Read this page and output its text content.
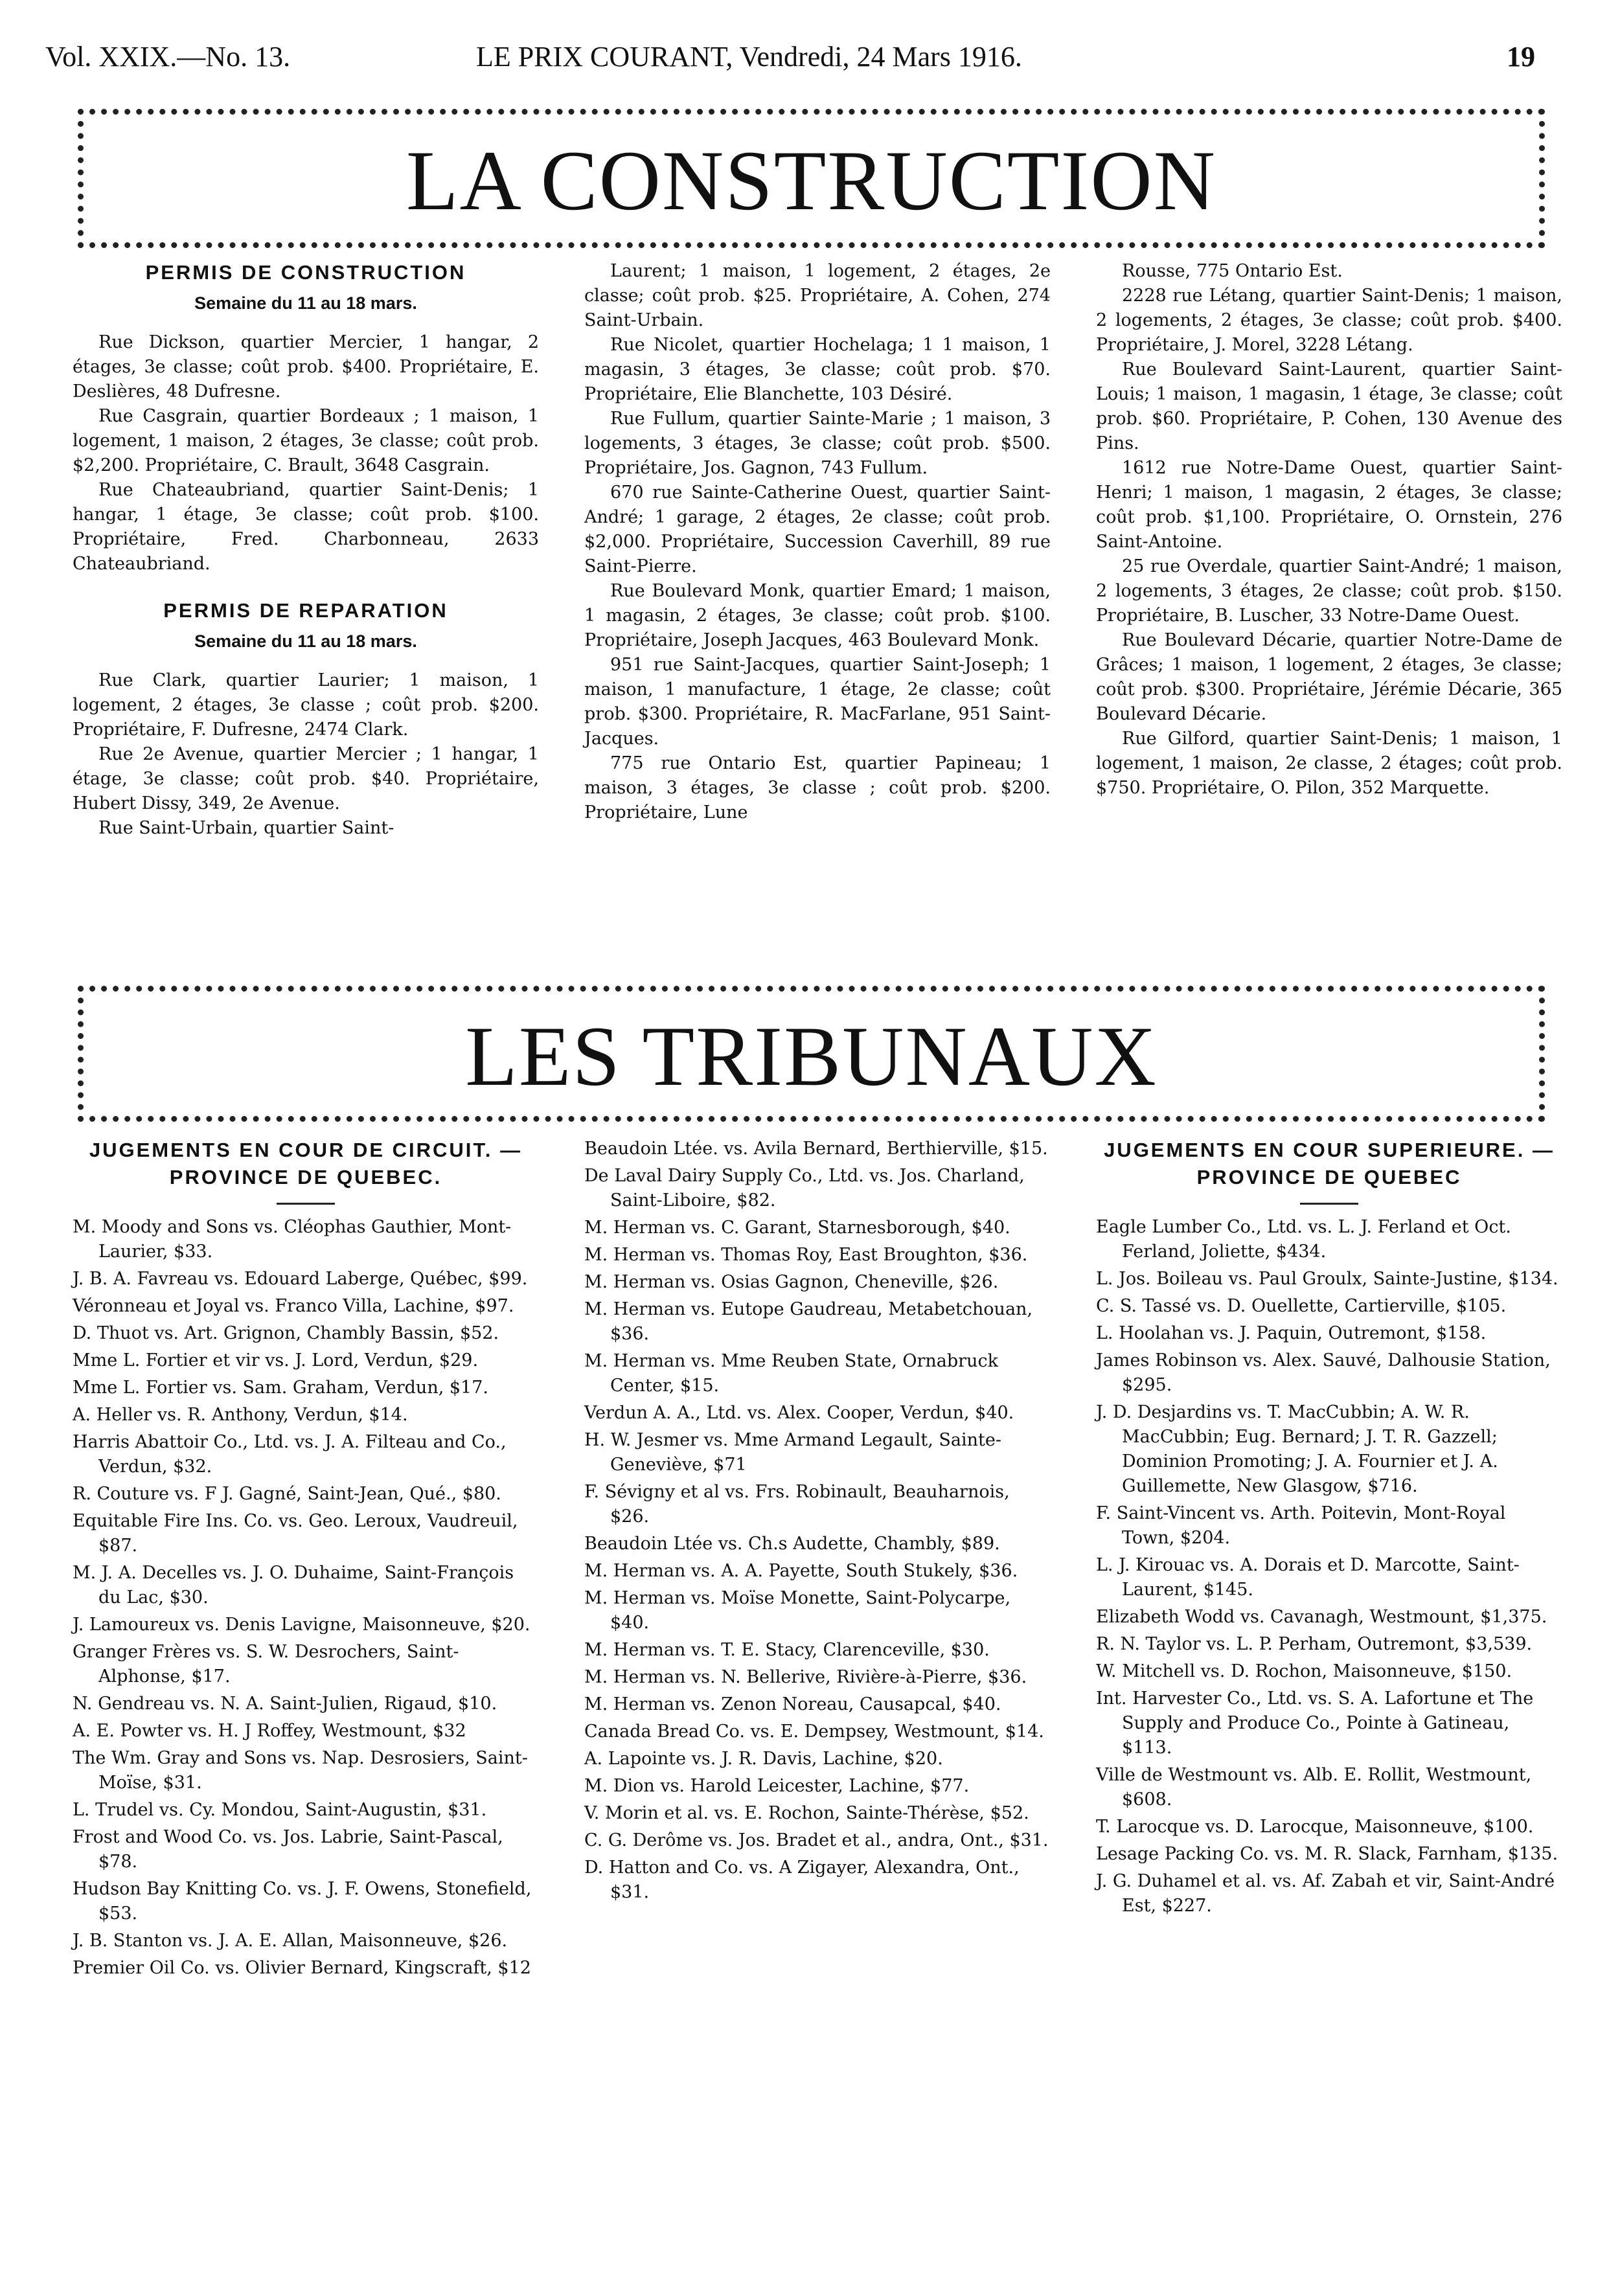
Vol. XXIX.—No. 13.	LE PRIX COURANT, Vendredi, 24 Mars 1916.	19
LA CONSTRUCTION
PERMIS DE CONSTRUCTION
Semaine du 11 au 18 mars.

Rue Dickson, quartier Mercier, 1 hangar, 2 étages, 3e classe; coût prob. $400. Propriétaire, E. Deslières, 48 Dufresne.

Rue Casgrain, quartier Bordeaux ; 1 maison, 1 logement, 1 maison, 2 étages, 3e classe; coût prob. $2,200. Propriétaire, C. Brault, 3648 Casgrain.

Rue Chateaubriand, quartier Saint-Denis; 1 hangar, 1 étage, 3e classe; coût prob. $100. Propriétaire, Fred. Charbonneau, 2633 Chateaubriand.

PERMIS DE REPARATION
Semaine du 11 au 18 mars.

Rue Clark, quartier Laurier; 1 maison, 1 logement, 2 étages, 3e classe ; coût prob. $200. Propriétaire, F. Dufresne, 2474 Clark.

Rue 2e Avenue, quartier Mercier ; 1 hangar, 1 étage, 3e classe; coût prob. $40. Propriétaire, Hubert Dissy, 349, 2e Avenue.

Rue Saint-Urbain, quartier Saint-

Laurent; 1 maison, 1 logement, 2 étages, 2e classe; coût prob. $25. Propriétaire, A. Cohen, 274 Saint-Urbain.

Rue Nicolet, quartier Hochelaga; 1 1 maison, 1 magasin, 3 étages, 3e classe; coût prob. $70. Propriétaire, Elie Blanchette, 103 Désiré.

Rue Fullum, quartier Sainte-Marie ; 1 maison, 3 logements, 3 étages, 3e classe; coût prob. $500. Propriétaire, Jos. Gagnon, 743 Fullum.

670 rue Sainte-Catherine Ouest, quartier Saint-André; 1 garage, 2 étages, 2e classe; coût prob. $2,000. Propriétaire, Succession Caverhill, 89 rue Saint-Pierre.

Rue Boulevard Monk, quartier Emard; 1 maison, 1 magasin, 2 étages, 3e classe; coût prob. $100. Propriétaire, Joseph Jacques, 463 Boulevard Monk.

951 rue Saint-Jacques, quartier Saint-Joseph; 1 maison, 1 manufacture, 1 étage, 2e classe; coût prob. $300. Propriétaire, R. MacFarlane, 951 Saint-Jacques.

775 rue Ontario Est, quartier Papineau; 1 maison, 3 étages, 3e classe ; coût prob. $200. Propriétaire, Lune

Rousse, 775 Ontario Est.

2228 rue Létang, quartier Saint-Denis; 1 maison, 2 logements, 2 étages, 3e classe; coût prob. $400. Propriétaire, J. Morel, 3228 Létang.

Rue Boulevard Saint-Laurent, quartier Saint-Louis; 1 maison, 1 magasin, 1 étage, 3e classe; coût prob. $60. Propriétaire, P. Cohen, 130 Avenue des Pins.

1612 rue Notre-Dame Ouest, quartier Saint-Henri; 1 maison, 1 magasin, 2 étages, 3e classe; coût prob. $1,100. Propriétaire, O. Ornstein, 276 Saint-Antoine.

25 rue Overdale, quartier Saint-André; 1 maison, 2 logements, 3 étages, 2e classe; coût prob. $150. Propriétaire, B. Luscher, 33 Notre-Dame Ouest.

Rue Boulevard Décarie, quartier Notre-Dame de Grâces; 1 maison, 1 logement, 2 étages, 3e classe; coût prob. $300. Propriétaire, Jérémie Décarie, 365 Boulevard Décarie.

Rue Gilford, quartier Saint-Denis; 1 maison, 1 logement, 1 maison, 2e classe, 2 étages; coût prob. $750. Propriétaire, O. Pilon, 352 Marquette.

LES TRIBUNAUX
JUGEMENTS EN COUR DE CIRCUIT. — PROVINCE DE QUEBEC.

M. Moody and Sons vs. Cléophas Gauthier, Mont-Laurier, $33.

J. B. A. Favreau vs. Edouard Laberge, Québec, $99.

Véronneau et Joyal vs. Franco Villa, Lachine, $97.

D. Thuot vs. Art. Grignon, Chambly Bassin, $52.

Mme L. Fortier et vir vs. J. Lord, Verdun, $29.

Mme L. Fortier vs. Sam. Graham, Verdun, $17.

A. Heller vs. R. Anthony, Verdun, $14.

Harris Abattoir Co., Ltd. vs. J. A. Filteau and Co., Verdun, $32.

R. Couture vs. F J. Gagné, Saint-Jean, Qué., $80.

Equitable Fire Ins. Co. vs. Geo. Leroux, Vaudreuil, $87.

M. J. A. Decelles vs. J. O. Duhaime, Saint-François du Lac, $30.

J. Lamoureux vs. Denis Lavigne, Maisonneuve, $20.

Granger Frères vs. S. W. Desrochers, Saint-Alphonse, $17.

N. Gendreau vs. N. A. Saint-Julien, Rigaud, $10.

A. E. Powter vs. H. J Roffey, Westmount, $32

The Wm. Gray and Sons vs. Nap. Desrosiers, Saint-Moïse, $31.

L. Trudel vs. Cy. Mondou, Saint-Augustin, $31.

Frost and Wood Co. vs. Jos. Labrie, Saint-Pascal, $78.

Hudson Bay Knitting Co. vs. J. F. Owens, Stonefield, $53.

J. B. Stanton vs. J. A. E. Allan, Maisonneuve, $26.

Premier Oil Co. vs. Olivier Bernard, Kingscraft, $12

Beaudoin Ltée. vs. Avila Bernard, Berthierville, $15.

De Laval Dairy Supply Co., Ltd. vs. Jos. Charland, Saint-Liboire, $82.

M. Herman vs. C. Garant, Starnesborough, $40.

M. Herman vs. Thomas Roy, East Broughton, $36.

M. Herman vs. Osias Gagnon, Cheneville, $26.

M. Herman vs. Eutope Gaudreau, Metabetchouan, $36.

M. Herman vs. Mme Reuben State, Ornabruck Center, $15.

Verdun A. A., Ltd. vs. Alex. Cooper, Verdun, $40.

H. W. Jesmer vs. Mme Armand Legault, Sainte-Geneviève, $71

F. Sévigny et al vs. Frs. Robinault, Beauharnois, $26.

Beaudoin Ltée vs. Ch.s Audette, Chambly, $89.

M. Herman vs. A. A. Payette, South Stukely, $36.

M. Herman vs. Moïse Monette, Saint-Polycarpe, $40.

M. Herman vs. T. E. Stacy, Clarenceville, $30.

M. Herman vs. N. Bellerive, Rivière-à-Pierre, $36.

M. Herman vs. Zenon Noreau, Causapcal, $40.

Canada Bread Co. vs. E. Dempsey, Westmount, $14.

A. Lapointe vs. J. R. Davis, Lachine, $20.

M. Dion vs. Harold Leicester, Lachine, $77.

V. Morin et al. vs. E. Rochon, Sainte-Thérèse, $52.

C. G. Derôme vs. Jos. Bradet et al., andra, Ont., $31.

D. Hatton and Co. vs. A Zigayer, Alexandra, Ont., $31.

JUGEMENTS EN COUR SUPERIEURE. — PROVINCE DE QUEBEC

Eagle Lumber Co., Ltd. vs. L. J. Ferland et Oct. Ferland, Joliette, $434.

L. Jos. Boileau vs. Paul Groulx, Sainte-Justine, $134.

C. S. Tassé vs. D. Ouellette, Cartierville, $105.

L. Hoolahan vs. J. Paquin, Outremont, $158.

James Robinson vs. Alex. Sauvé, Dalhousie Station, $295.

J. D. Desjardins vs. T. MacCubbin; A. W. R. MacCubbin; Eug. Bernard; J. T. R. Gazzell; Dominion Promoting; J. A. Fournier et J. A. Guillemette, New Glasgow, $716.

F. Saint-Vincent vs. Arth. Poitevin, Mont-Royal Town, $204.

L. J. Kirouac vs. A. Dorais et D. Marcotte, Saint-Laurent, $145.

Elizabeth Wodd vs. Cavanagh, Westmount, $1,375.

R. N. Taylor vs. L. P. Perham, Outremont, $3,539.

W. Mitchell vs. D. Rochon, Maisonneuve, $150.

Int. Harvester Co., Ltd. vs. S. A. Lafortune et The Supply and Produce Co., Pointe à Gatineau, $113.

Ville de Westmount vs. Alb. E. Rollit, Westmount, $608.

T. Larocque vs. D. Larocque, Maisonneuve, $100.

Lesage Packing Co. vs. M. R. Slack, Farnham, $135.

J. G. Duhamel et al. vs. Af. Zabah et vir, Saint-André Est, $227.
